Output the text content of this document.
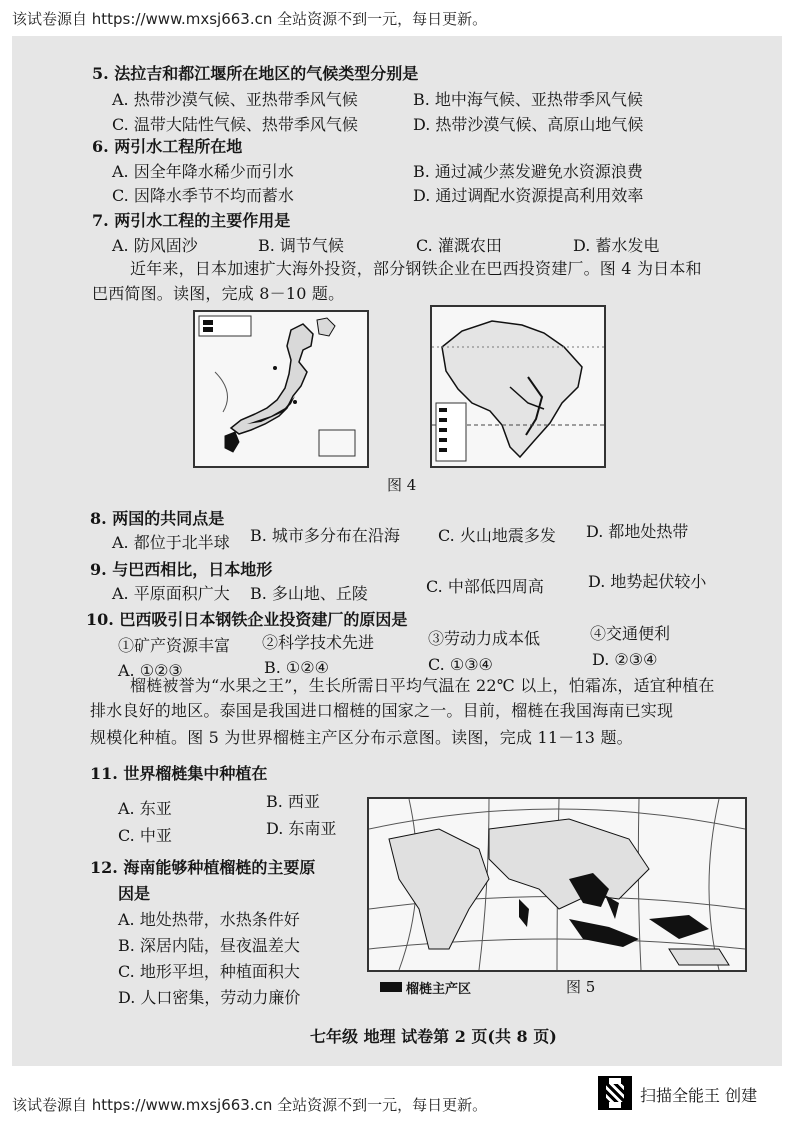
该试卷源自 https://www.mxsj663.cn 全站资源不到一元，每日更新。
5. 法拉吉和都江堰所在地区的气候类型分别是
A. 热带沙漠气候、亚热带季风气候	B. 地中海气候、亚热带季风气候
C. 温带大陆性气候、热带季风气候	D. 热带沙漠气候、高原山地气候
6. 两引水工程所在地
A. 因全年降水稀少而引水	B. 通过减少蒸发避免水资源浪费
C. 因降水季节不均而蓄水	D. 通过调配水资源提高利用效率
7. 两引水工程的主要作用是
A. 防风固沙	B. 调节气候	C. 灌溉农田	D. 蓄水发电
近年来，日本加速扩大海外投资，部分钢铁企业在巴西投资建厂。图 4 为日本和
巴西简图。读图，完成 8－10 题。
图 4
8. 两国的共同点是
A. 都位于北半球 B. 城市多分布在沿海 C. 火山地震多发 D. 都地处热带
9. 与巴西相比，日本地形
A. 平原面积广大 B. 多山地、丘陵	C. 中部低四周高	D. 地势起伏较小
10. 巴西吸引日本钢铁企业投资建厂的原因是
①矿产资源丰富 ②科学技术先进	③劳动力成本低	④交通便利
A. ①②③	B. ①②④	C. ①③④	D. ②③④
榴梿被誉为“水果之王”，生长所需日平均气温在 22℃ 以上，怕霜冻，适宜种植在
排水良好的地区。泰国是我国进口榴梿的国家之一。目前，榴梿在我国海南已实现
规模化种植。图 5 为世界榴梿主产区分布示意图。读图，完成 11－13 题。
11. 世界榴梿集中种植在
A. 东亚	B. 西亚
C. 中亚	D. 东南亚
12. 海南能够种植榴梿的主要原
因是
A. 地处热带，水热条件好
B. 深居内陆，昼夜温差大
C. 地形平坦，种植面积大
D. 人口密集，劳动力廉价	榴梿主产区	图 5
七年级 地理 试卷第 2 页(共 8 页)
该试卷源自 https://www.mxsj663.cn 全站资源不到一元，每日更新。	扫描全能王 创建
